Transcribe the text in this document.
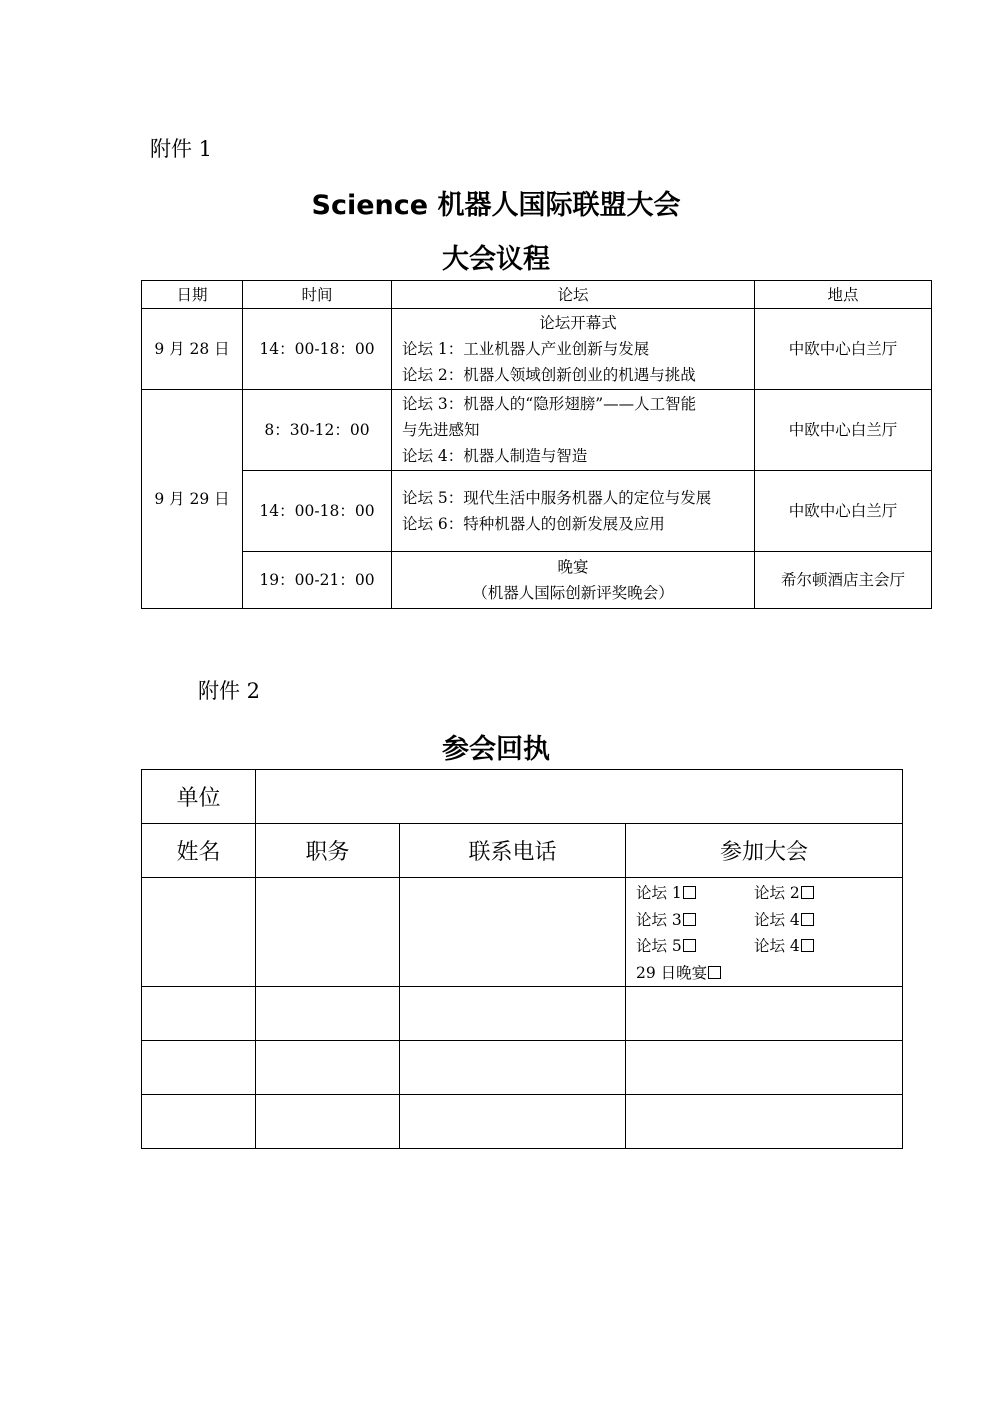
附件 1
Science 机器人国际联盟大会
大会议程
日期	时间	论坛	地点
9 月 28 日	14：00-18：00	论坛开幕式
论坛 1：工业机器人产业创新与发展
论坛 2：机器人领域创新创业的机遇与挑战	中欧中心白兰厅
9 月 29 日	8：30-12：00	论坛 3：机器人的“隐形翅膀”——人工智能
与先进感知
论坛 4：机器人制造与智造	中欧中心白兰厅
	14：00-18：00	论坛 5：现代生活中服务机器人的定位与发展
论坛 6：特种机器人的创新发展及应用	中欧中心白兰厅
	19：00-21：00	晚宴
（机器人国际创新评奖晚会）	希尔顿酒店主会厅
附件 2
参会回执
单位			
姓名	职务	联系电话	参加大会

			论坛 1 论坛 2
论坛 3 论坛 4
论坛 5 论坛 4
29 日晚宴
